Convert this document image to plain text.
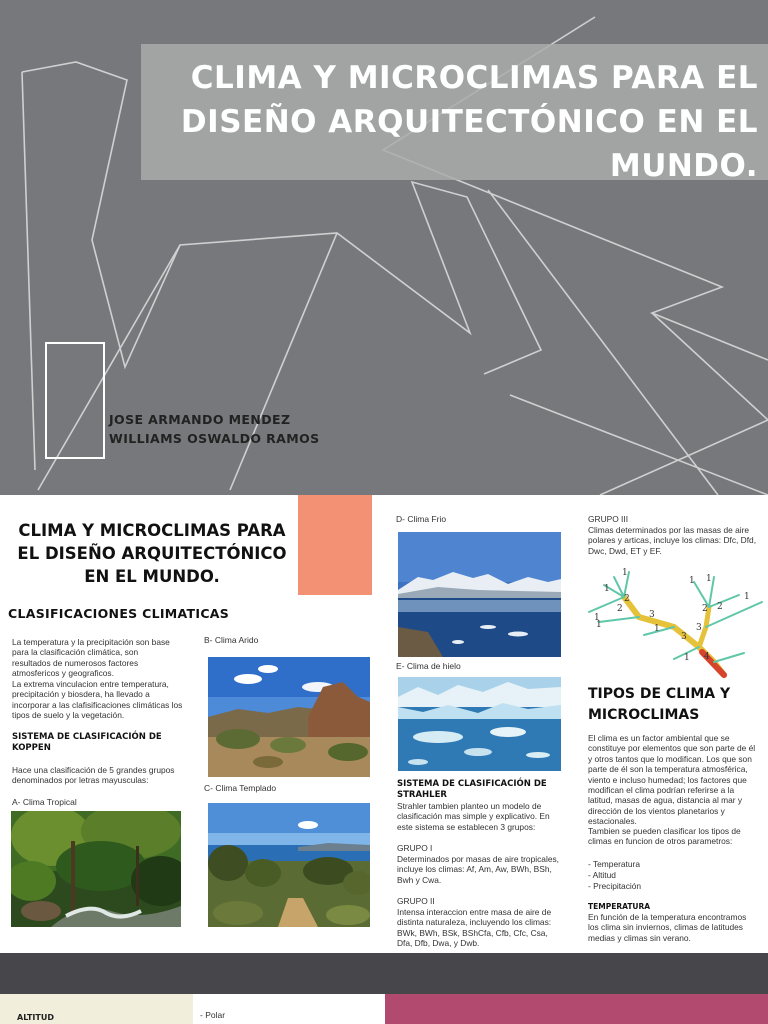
CLIMA Y MICROCLIMAS PARA EL DISEÑO ARQUITECTÓNICO EN EL MUNDO.
JOSE ARMANDO MENDEZ
WILLIAMS OSWALDO RAMOS
CLIMA Y MICROCLIMAS PARA EL DISEÑO ARQUITECTÓNICO EN EL MUNDO.
CLASIFICACIONES CLIMATICAS
La temperatura y la precipitación son base para la clasificación climática, son resultados de numerosos factores atmosfericos y geograficos.
La extrema vinculacion entre temperatura, precipitación y biosdera, ha llevado a incorporar a las clafisificaciones climáticas los tipos de suelo y la vegetación.
SISTEMA DE CLASIFICACIÓN DE KOPPEN
Hace una clasificación de 5 grandes grupos denominados por letras mayusculas:
A- Clima Tropical
B- Clima Arido
C- Clima Templado
D- Clima Frio
E- Clima de hielo
SISTEMA DE CLASIFICACIÓN DE STRAHLER
Strahler tambien planteo un modelo de clasificación mas simple y explicativo. En este sistema se establecen 3 grupos:
GRUPO I
Determinados por masas de aire tropicales, incluye los climas: Af, Am, Aw, BWh, BSh, Bwh y Cwa.
GRUPO II
Intensa interaccion entre masa de aire de distinta naturaleza, incluyendo los climas: BWk, BWh, BSk, BShCfa, Cfb, Cfc, Csa, Dfa, Dfb, Dwa, y Dwb.
GRUPO III
Climas determinados por las masas de aire polares y articas, incluye los climas: Dfc, Dfd, Dwc, Dwd, ET y EF.
1
1
1
1	1
1 1
1
1
2
2	2 2
3
3
3
4
TIPOS DE CLIMA Y MICROCLIMAS
El clima es un factor ambiental que se constituye por elementos que son parte de él y otros tantos que lo modifican. Los que son parte de él son la temperatura atmosférica, viento e incluso humedad; los factores que modifican el clima podrían referirse a la latitud, masas de agua, distancia al mar y dirección de los vientos planetarios y estacionales.
Tambien se pueden clasificar los tipos de climas en funcion de otros parametros:
- Temperatura
- Altitud
- Precipitación
TEMPERATURA
En función de la temperatura encontramos los clima sin inviernos, climas de latitudes medias y climas sin verano.
ALTITUD	- Polar
